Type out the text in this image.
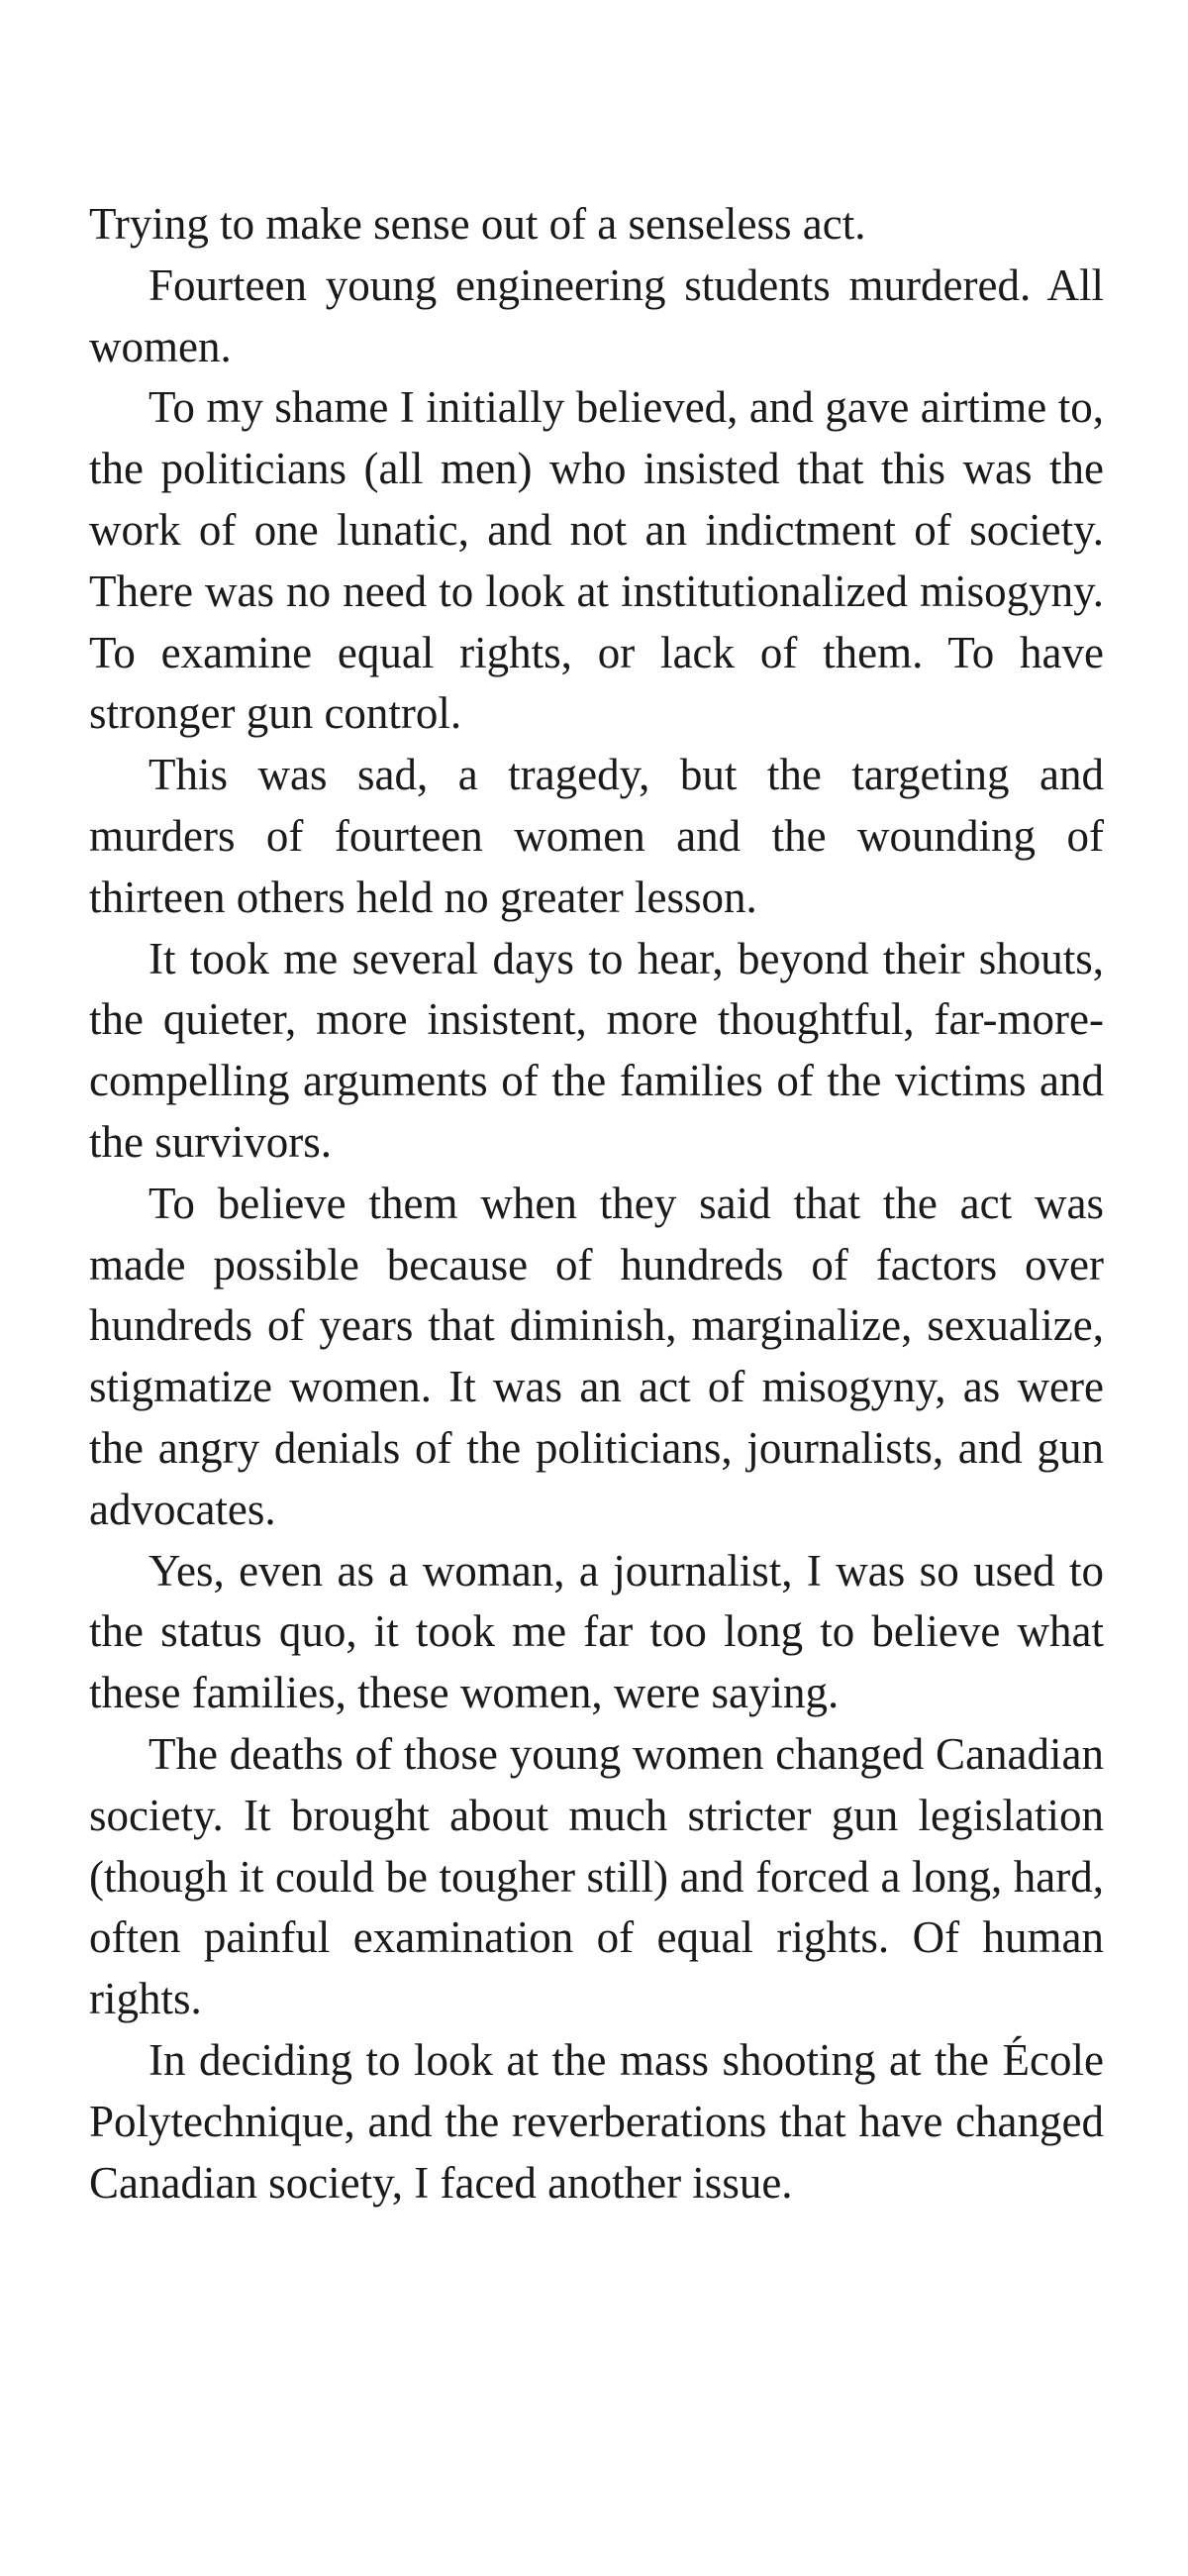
Trying to make sense out of a senseless act.

Fourteen young engineering students murdered. All women.

To my shame I initially believed, and gave airtime to, the politicians (all men) who insisted that this was the work of one lunatic, and not an indictment of society. There was no need to look at institutionalized misogyny. To examine equal rights, or lack of them. To have stronger gun control.

This was sad, a tragedy, but the targeting and murders of fourteen women and the wounding of thirteen others held no greater lesson.

It took me several days to hear, beyond their shouts, the quieter, more insistent, more thoughtful, far-more-compelling arguments of the families of the victims and the survivors.

To believe them when they said that the act was made possible because of hundreds of factors over hundreds of years that diminish, marginalize, sexualize, stigmatize women. It was an act of misogyny, as were the angry denials of the politicians, journalists, and gun advocates.

Yes, even as a woman, a journalist, I was so used to the status quo, it took me far too long to believe what these families, these women, were saying.

The deaths of those young women changed Canadian society. It brought about much stricter gun legislation (though it could be tougher still) and forced a long, hard, often painful examination of equal rights. Of human rights.

In deciding to look at the mass shooting at the École Polytechnique, and the reverberations that have changed Canadian society, I faced another issue.
